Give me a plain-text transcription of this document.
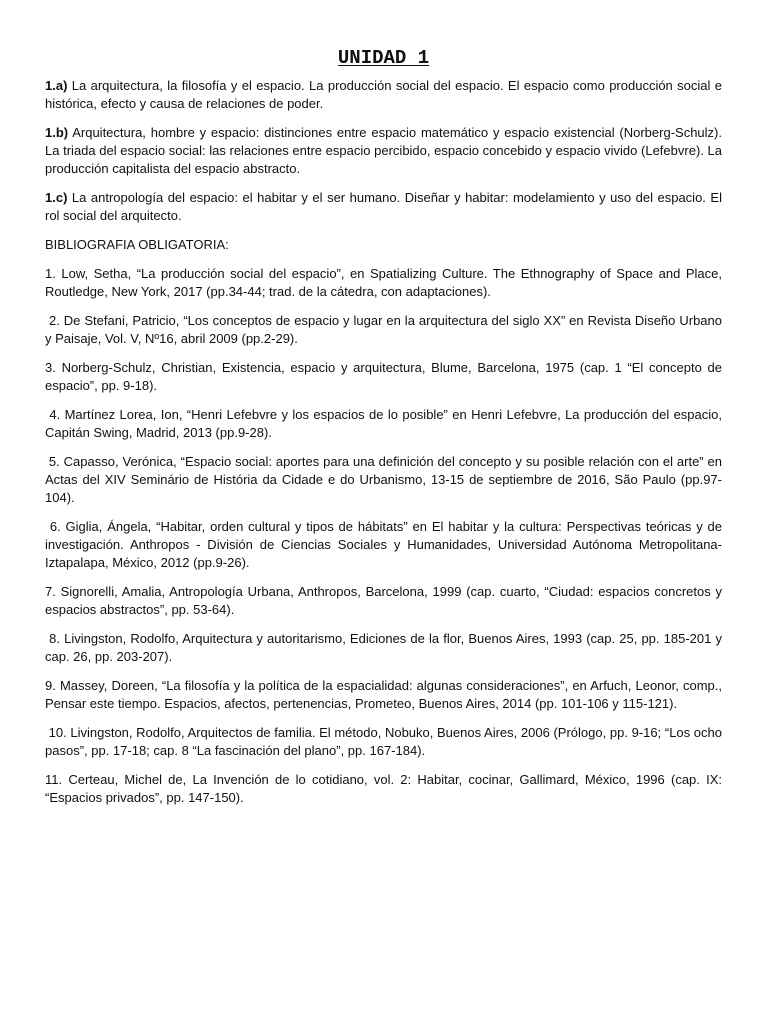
UNIDAD 1

1.a) La arquitectura, la filosofía y el espacio. La producción social del espacio. El espacio como producción social e histórica, efecto y causa de relaciones de poder.

1.b) Arquitectura, hombre y espacio: distinciones entre espacio matemático y espacio existencial (Norberg-Schulz). La triada del espacio social: las relaciones entre espacio percibido, espacio concebido y espacio vivido (Lefebvre). La producción capitalista del espacio abstracto.

1.c) La antropología del espacio: el habitar y el ser humano. Diseñar y habitar: modelamiento y uso del espacio. El rol social del arquitecto.

BIBLIOGRAFIA OBLIGATORIA:

1. Low, Setha, “La producción social del espacio”, en Spatializing Culture. The Ethnography of Space and Place, Routledge, New York, 2017 (pp.34-44; trad. de la cátedra, con adaptaciones).

2. De Stefani, Patricio, “Los conceptos de espacio y lugar en la arquitectura del siglo XX” en Revista Diseño Urbano y Paisaje, Vol. V, Nº16, abril 2009 (pp.2-29).

3. Norberg-Schulz, Christian, Existencia, espacio y arquitectura, Blume, Barcelona, 1975 (cap. 1 “El concepto de espacio”, pp. 9-18).

4. Martínez Lorea, Ion, “Henri Lefebvre y los espacios de lo posible” en Henri Lefebvre, La producción del espacio, Capitán Swing, Madrid, 2013 (pp.9-28).

5. Capasso, Verónica, “Espacio social: aportes para una definición del concepto y su posible relación con el arte” en Actas del XIV Seminário de História da Cidade e do Urbanismo, 13-15 de septiembre de 2016, São Paulo (pp.97-104).

6. Giglia, Ángela, “Habitar, orden cultural y tipos de hábitats” en El habitar y la cultura: Perspectivas teóricas y de investigación. Anthropos - División de Ciencias Sociales y Humanidades, Universidad Autónoma Metropolitana-Iztapalapa, México, 2012 (pp.9-26).

7. Signorelli, Amalia, Antropología Urbana, Anthropos, Barcelona, 1999 (cap. cuarto, “Ciudad: espacios concretos y espacios abstractos”, pp. 53-64).

8. Livingston, Rodolfo, Arquitectura y autoritarismo, Ediciones de la flor, Buenos Aires, 1993 (cap. 25, pp. 185-201 y cap. 26, pp. 203-207).

9. Massey, Doreen, “La filosofía y la política de la espacialidad: algunas consideraciones”, en Arfuch, Leonor, comp., Pensar este tiempo. Espacios, afectos, pertenencias, Prometeo, Buenos Aires, 2014 (pp. 101-106 y 115-121).

10. Livingston, Rodolfo, Arquitectos de familia. El método, Nobuko, Buenos Aires, 2006 (Prólogo, pp. 9-16; “Los ocho pasos”, pp. 17-18; cap. 8 “La fascinación del plano”, pp. 167-184).

11. Certeau, Michel de, La Invención de lo cotidiano, vol. 2: Habitar, cocinar, Gallimard, México, 1996 (cap. IX: “Espacios privados”, pp. 147-150).
